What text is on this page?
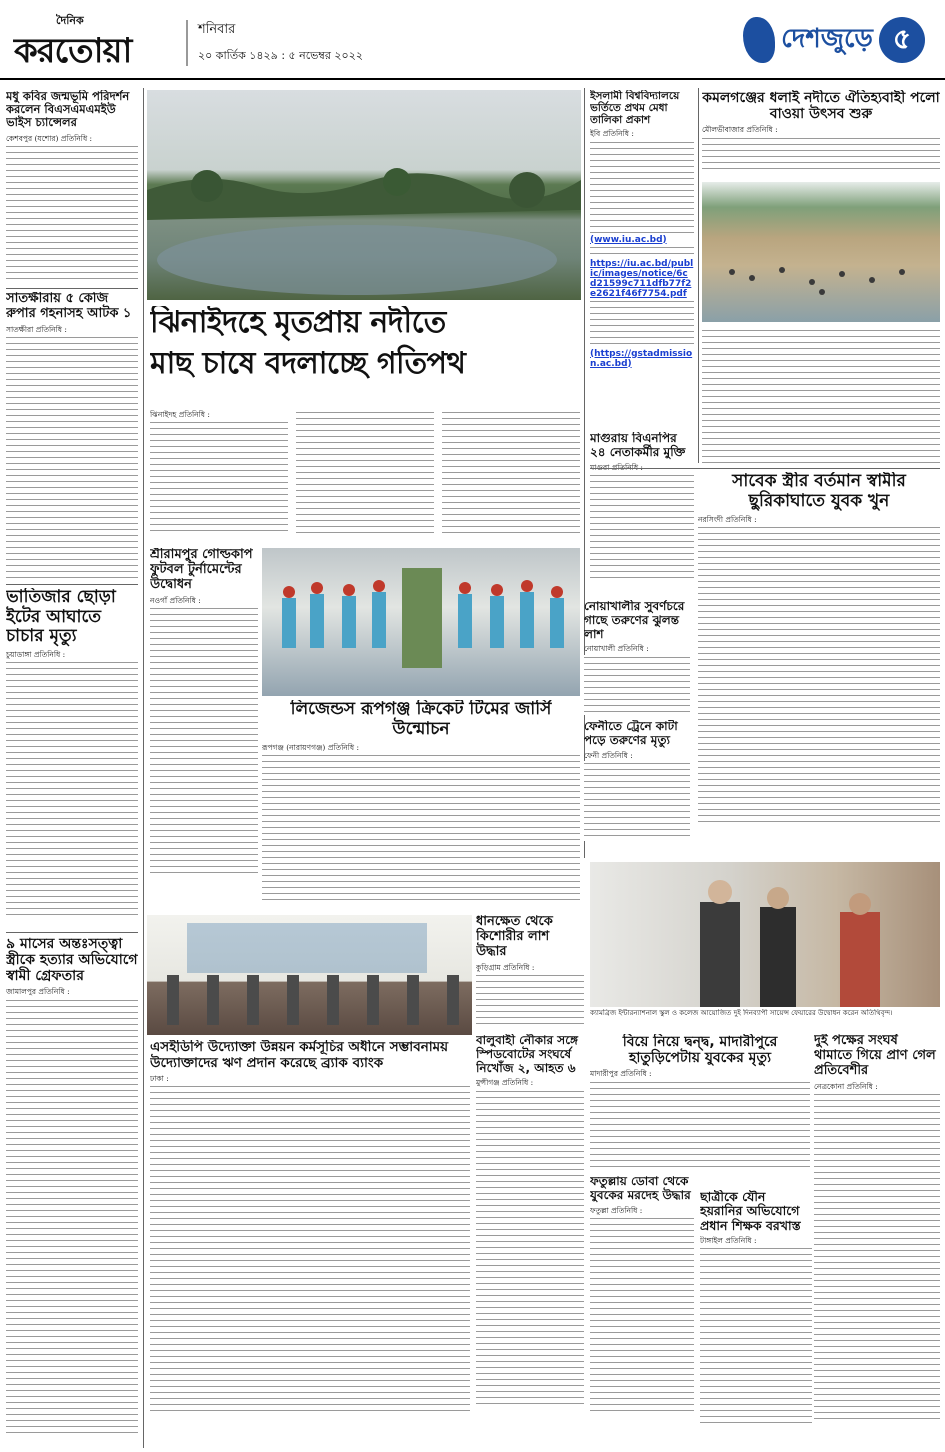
দৈনিক
করতোয়া
শনিবার
২০ কার্তিক ১৪২৯ : ৫ নভেম্বর ২০২২
দেশজুড়ে ৫
মধু কবির জন্মভূমি পরিদর্শন করলেন বিএসএমএমইউ ভাইস চ্যান্সেলর
কেশবপুর (যশোর) প্রতিনিধি :
সাতক্ষীরায় ৫ কেজি রুপার গহনাসহ আটক ১
সাতক্ষীরা প্রতিনিধি :
ভাতিজার ছোড়া ইটের আঘাতে চাচার মৃত্যু
চুয়াডাঙ্গা প্রতিনিধি :
৯ মাসের অন্তঃসত্ত্বা স্ত্রীকে হত্যার অভিযোগে স্বামী গ্রেফতার
জামালপুর প্রতিনিধি :
ঝিনাইদহে মৃতপ্রায় নদীতে
মাছ চাষে বদলাচ্ছে গতিপথ
ঝিনাইদহ প্রতিনিধি :
শ্রীরামপুর গোল্ডকাপ ফুটবল টুর্নামেন্টের উদ্বোধন
নওগাঁ প্রতিনিধি :
লিজেন্ডস রূপগঞ্জ ক্রিকেট টিমের জার্সি উন্মোচন
রূপগঞ্জ (নারায়ণগঞ্জ) প্রতিনিধি :
নোয়াখালীর সুবর্ণচরে গাছে তরুণের ঝুলন্ত লাশ
নোয়াখালী প্রতিনিধি :
ফেনীতে ট্রেনে কাটা পড়ে তরুণের মৃত্যু
ফেনী প্রতিনিধি :
এসইডিপি উদ্যোক্তা উন্নয়ন কর্মসূচির অধীনে সম্ভাবনাময় উদ্যোক্তাদের ঋণ প্রদান করেছে ব্র্যাক ব্যাংক
ঢাকা :
ধানক্ষেত থেকে কিশোরীর লাশ উদ্ধার
কুড়িগ্রাম প্রতিনিধি :
বালুবাহী নৌকার সঙ্গে স্পিডবোটের সংঘর্ষে নিখোঁজ ২, আহত ৬
মুন্সীগঞ্জ প্রতিনিধি :
ফতুল্লায় ডোবা থেকে যুবকের মরদেহ উদ্ধার
ফতুল্লা প্রতিনিধি :
ইসলামী বিশ্ববিদ্যালয়ে ভর্তিতে প্রথম মেধা তালিকা প্রকাশ
ইবি প্রতিনিধি :
(www.iu.ac.bd)
https://iu.ac.bd/public/images/notice/6cd21599c711dfb77f2e2621f46f7754.pdf
(https://gstadmission.ac.bd)
মাগুরায় বিএনপির ২৪ নেতাকর্মীর মুক্তি
কমলগঞ্জের ধলাই নদীতে ঐতিহ্যবাহী পলো বাওয়া উৎসব শুরু
মৌলভীবাজার প্রতিনিধি :
সাবেক স্ত্রীর বর্তমান স্বামীর ছুরিকাঘাতে যুবক খুন
নরসিংদী প্রতিনিধি :
ক্যামব্রিজ ইন্টারন্যাশনাল স্কুল ও কলেজ আয়োজিত দুই দিনব্যাপী সায়েন্স ফেয়ারের উদ্বোধন করেন অতিথিবৃন্দ।
বিয়ে নিয়ে দ্বন্দ্ব, মাদারীপুরে হাতুড়িপেটায় যুবকের মৃত্যু
মাদারীপুর প্রতিনিধি :
দুই পক্ষের সংঘর্ষ থামাতে গিয়ে প্রাণ গেল প্রতিবেশীর
নেত্রকোনা প্রতিনিধি :
ছাত্রীকে যৌন হয়রানির অভিযোগে প্রধান শিক্ষক বরখাস্ত
টাঙ্গাইল প্রতিনিধি :
